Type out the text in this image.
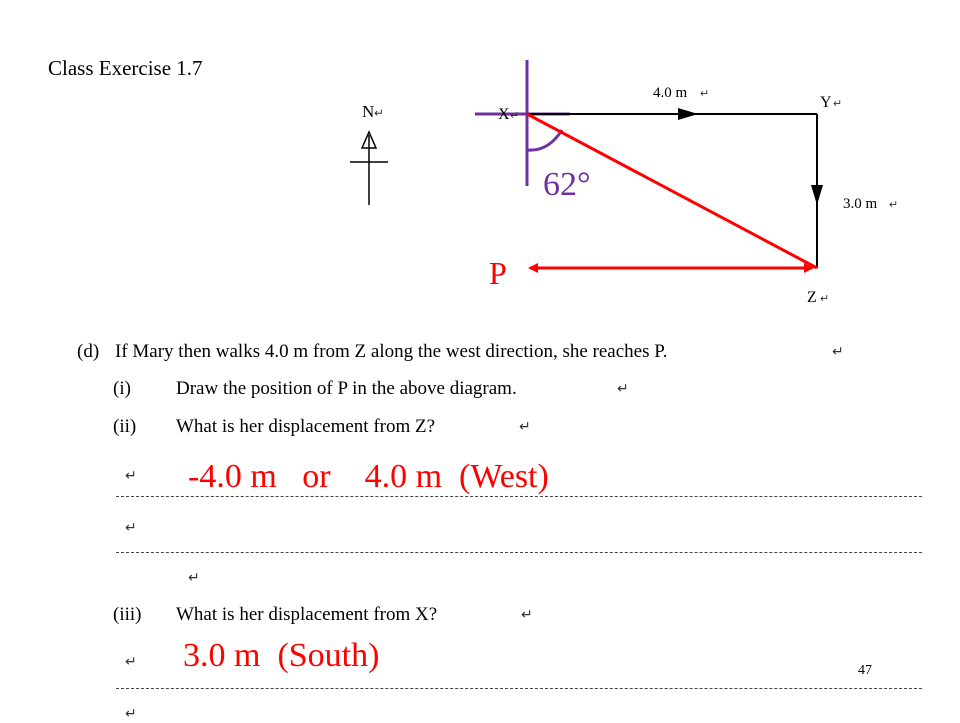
Class Exercise 1.7
N ↵
62°
4.0 m ↵
3.0 m ↵
X ↵
Y ↵
Z ↵
P
(d) If Mary then walks 4.0 m from Z along the west direction, she reaches P.	↵
(i) Draw the position of P in the above diagram.	↵
(ii) What is her displacement from Z?	↵
↵ -4.0 m   or    4.0 m  (West)
↵
↵
(iii) What is her displacement from X?	↵
↵ 3.0 m  (South)	47
↵
